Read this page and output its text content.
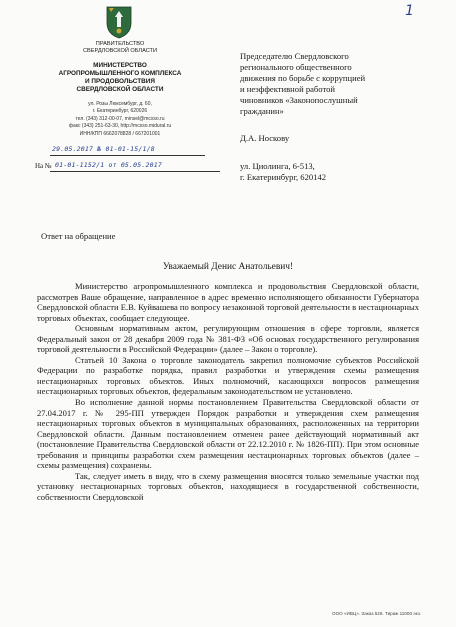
1
ПРАВИТЕЛЬСТВО
СВЕРДЛОВСКОЙ ОБЛАСТИ
МИНИСТЕРСТВО
АГРОПРОМЫШЛЕННОГО КОМПЛЕКСА
И ПРОДОВОЛЬСТВИЯ
СВЕРДЛОВСКОЙ ОБЛАСТИ
ул. Розы Люксембург, д. 60,
г. Екатеринбург, 620026
тел. (343) 312-00-07, minsel@mcxso.ru
факс (343) 251-63-30, http://mcxso.midural.ru
ИНН/КПП 6662078828 / 667201001
29.05.2017 № 01-01-15/1/8
На № 01-01-1152/1 от 05.05.2017
Председателю Свердловского
регионального общественного
движения по борьбе с коррупцией
и неэффективной работой
чиновников «Законопослушный
гражданин»
Д.А. Носкову
ул. Циолинга, 6-513,
г. Екатеринбург, 620142
Ответ на обращение
Уважаемый Денис Анатольевич!

Министерство агропромышленного комплекса и продовольствия Свердловской области, рассмотрев Ваше обращение, направленное в адрес временно исполняющего обязанности Губернатора Свердловской области Е.В. Куйвашева по вопросу незаконной торговой деятельности в нестационарных торговых объектах, сообщает следующее.

Основным нормативным актом, регулирующим отношения в сфере торговли, является Федеральный закон от 28 декабря 2009 года № 381-ФЗ «Об основах государственного регулирования торговой деятельности в Российской Федерации» (далее – Закон о торговле).

Статьей 10 Закона о торговле законодатель закрепил полномочие субъектов Российской Федерации по разработке порядка, правил разработки и утверждения схемы размещения нестационарных торговых объектов. Иных полномочий, касающихся вопросов размещения нестационарных торговых объектов, федеральным законодательством не установлено.

Во исполнение данной нормы постановлением Правительства Свердловской области от 27.04.2017 г. № 295-ПП утвержден Порядок разработки и утверждения схем размещения нестационарных торговых объектов в муниципальных образованиях, расположенных на территории Свердловской области. Данным постановлением отменен ранее действующий нормативный акт (постановление Правительства Свердловской области от 22.12.2010 г. № 1826-ПП). При этом основные требования и принципы разработки схем размещения нестационарных торговых объектов (далее – схемы размещения) сохранены.

Так, следует иметь в виду, что в схему размещения вносятся только земельные участки под установку нестационарных торговых объектов, находящиеся в государственной собственности, собственности Свердловской

ООО «ИВЦ». Заказ 526. Тираж 11000 экз.
